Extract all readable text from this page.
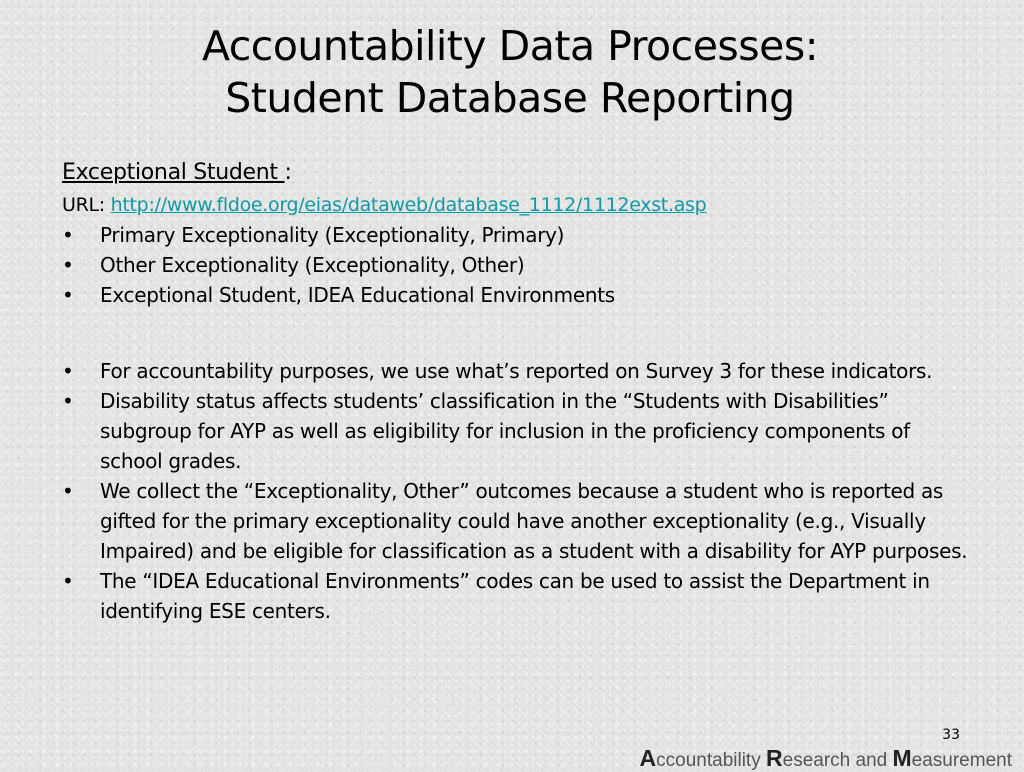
Accountability Data Processes:
Student Database Reporting
Exceptional Student :
URL: http://www.fldoe.org/eias/dataweb/database_1112/1112exst.asp
• Primary Exceptionality (Exceptionality, Primary)
• Other Exceptionality (Exceptionality, Other)
• Exceptional Student, IDEA Educational Environments
• For accountability purposes, we use what’s reported on Survey 3 for these indicators.
• Disability status affects students’ classification in the “Students with Disabilities” subgroup for AYP as well as eligibility for inclusion in the proficiency components of school grades.
• We collect the “Exceptionality, Other” outcomes because a student who is reported as gifted for the primary exceptionality could have another exceptionality (e.g., Visually Impaired) and be eligible for classification as a student with a disability for AYP purposes.
• The “IDEA Educational Environments” codes can be used to assist the Department in identifying ESE centers.
33
Accountability Research and Measurement
